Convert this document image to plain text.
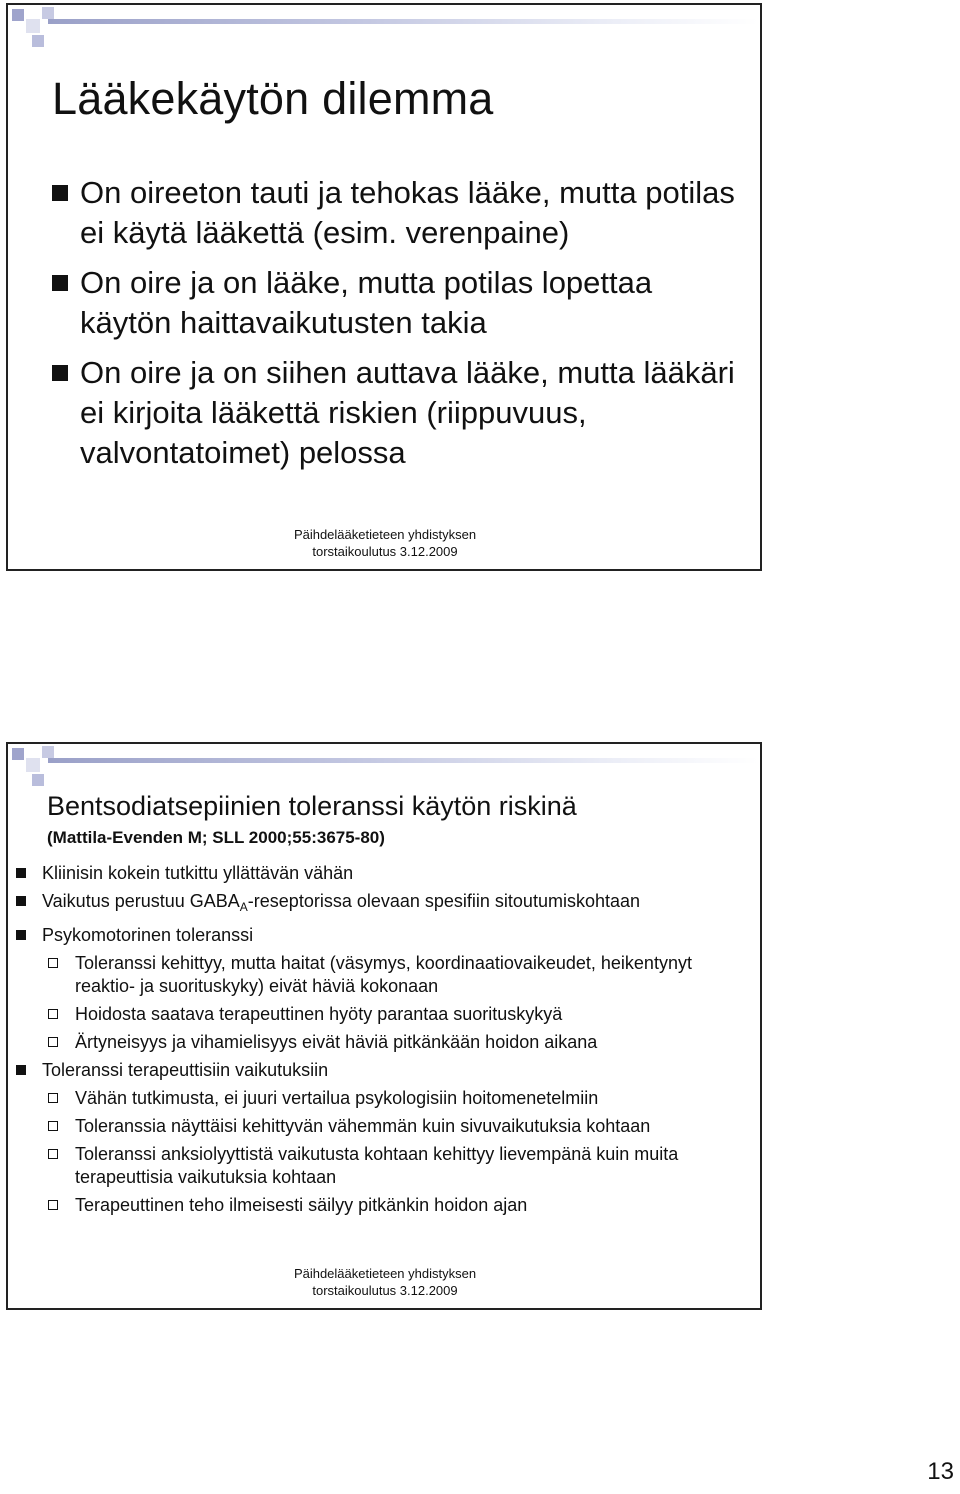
Lääkekäytön dilemma
On oireeton tauti ja tehokas lääke, mutta potilas ei käytä lääkettä (esim. verenpaine)
On oire ja on lääke, mutta potilas lopettaa käytön haittavaikutusten takia
On oire ja on siihen auttava lääke, mutta lääkäri ei kirjoita lääkettä riskien (riippuvuus, valvontatoimet) pelossa
Päihdelääketieteen yhdistyksen
torstaikoulutus 3.12.2009
Bentsodiatsepiinien toleranssi käytön riskinä
(Mattila-Evenden M; SLL 2000;55:3675-80)
Kliinisin kokein tutkittu yllättävän vähän
Vaikutus perustuu $GABA_A$-reseptorissa olevaan spesifiin sitoutumiskohtaan
Psykomotorinen toleranssi
Toleranssi kehittyy, mutta haitat (väsymys, koordinaatiovaikeudet, heikentynyt reaktio- ja suorituskyky) eivät häviä kokonaan
Hoidosta saatava terapeuttinen hyöty parantaa suorituskykyä
Ärtyneisyys ja vihamielisyys eivät häviä pitkänkään hoidon aikana
Toleranssi terapeuttisiin vaikutuksiin
Vähän tutkimusta, ei juuri vertailua psykologisiin hoitomenetelmiin
Toleranssia näyttäisi kehittyvän vähemmän kuin sivuvaikutuksia kohtaan
Toleranssi anksiolyyttistä vaikutusta kohtaan kehittyy lievempänä kuin muita terapeuttisia vaikutuksia kohtaan
Terapeuttinen teho ilmeisesti säilyy pitkänkin hoidon ajan
Päihdelääketieteen yhdistyksen
torstaikoulutus 3.12.2009
13
